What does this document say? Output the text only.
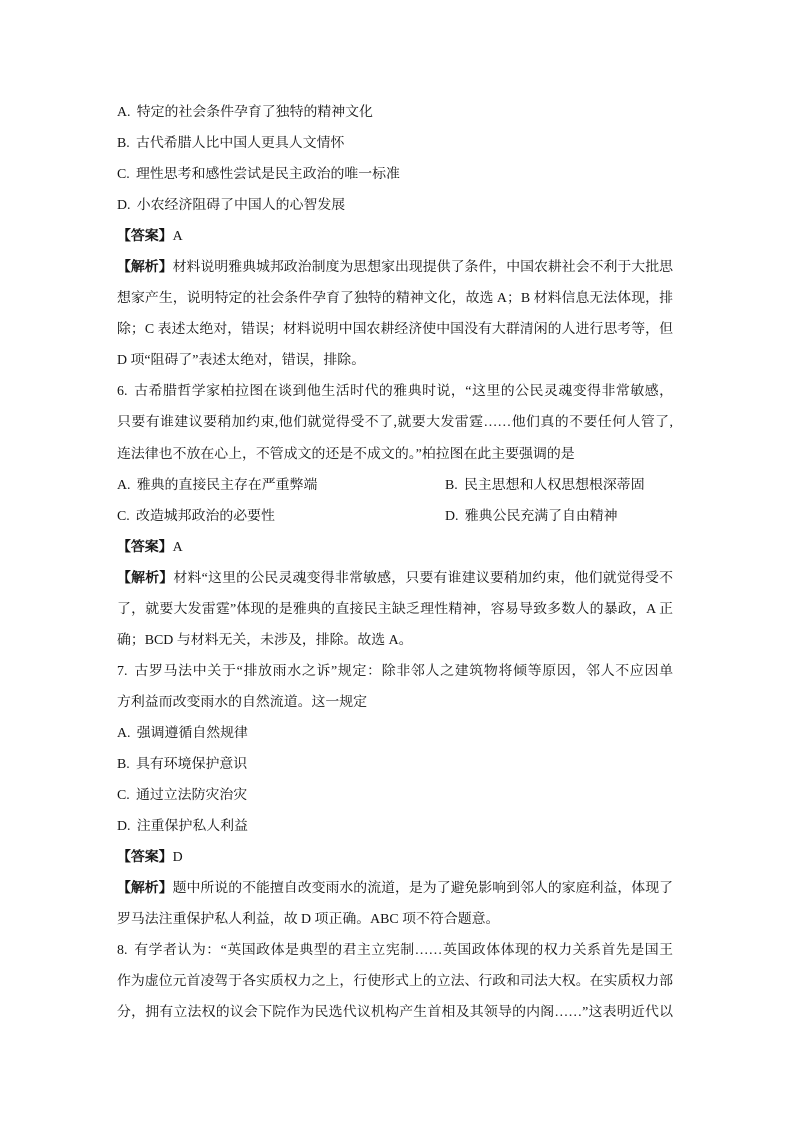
A. 特定的社会条件孕育了独特的精神文化
B. 古代希腊人比中国人更具人文情怀
C. 理性思考和感性尝试是民主政治的唯一标准
D. 小农经济阻碍了中国人的心智发展
【答案】A
【解析】材料说明雅典城邦政治制度为思想家出现提供了条件，中国农耕社会不利于大批思
想家产生，说明特定的社会条件孕育了独特的精神文化，故选 A；B 材料信息无法体现，排
除；C 表述太绝对，错误；材料说明中国农耕经济使中国没有大群清闲的人进行思考等，但
D 项“阻碍了”表述太绝对，错误，排除。
6. 古希腊哲学家柏拉图在谈到他生活时代的雅典时说，“这里的公民灵魂变得非常敏感，
只要有谁建议要稍加约束,他们就觉得受不了,就要大发雷霆……他们真的不要任何人管了,
连法律也不放在心上，不管成文的还是不成文的。”柏拉图在此主要强调的是
A. 雅典的直接民主存在严重弊端	B. 民主思想和人权思想根深蒂固
C. 改造城邦政治的必要性	D. 雅典公民充满了自由精神
【答案】A
【解析】材料“这里的公民灵魂变得非常敏感，只要有谁建议要稍加约束，他们就觉得受不
了，就要大发雷霆”体现的是雅典的直接民主缺乏理性精神，容易导致多数人的暴政，A 正
确；BCD 与材料无关，未涉及，排除。故选 A。
7. 古罗马法中关于“排放雨水之诉”规定：除非邻人之建筑物将倾等原因，邻人不应因单
方利益而改变雨水的自然流道。这一规定
A. 强调遵循自然规律
B. 具有环境保护意识
C. 通过立法防灾治灾
D. 注重保护私人利益
【答案】D
【解析】题中所说的不能擅自改变雨水的流道，是为了避免影响到邻人的家庭利益，体现了
罗马法注重保护私人利益，故 D 项正确。ABC 项不符合题意。
8. 有学者认为：“英国政体是典型的君主立宪制……英国政体体现的权力关系首先是国王
作为虚位元首凌驾于各实质权力之上，行使形式上的立法、行政和司法大权。在实质权力部
分，拥有立法权的议会下院作为民选代议机构产生首相及其领导的内阁……”这表明近代以
